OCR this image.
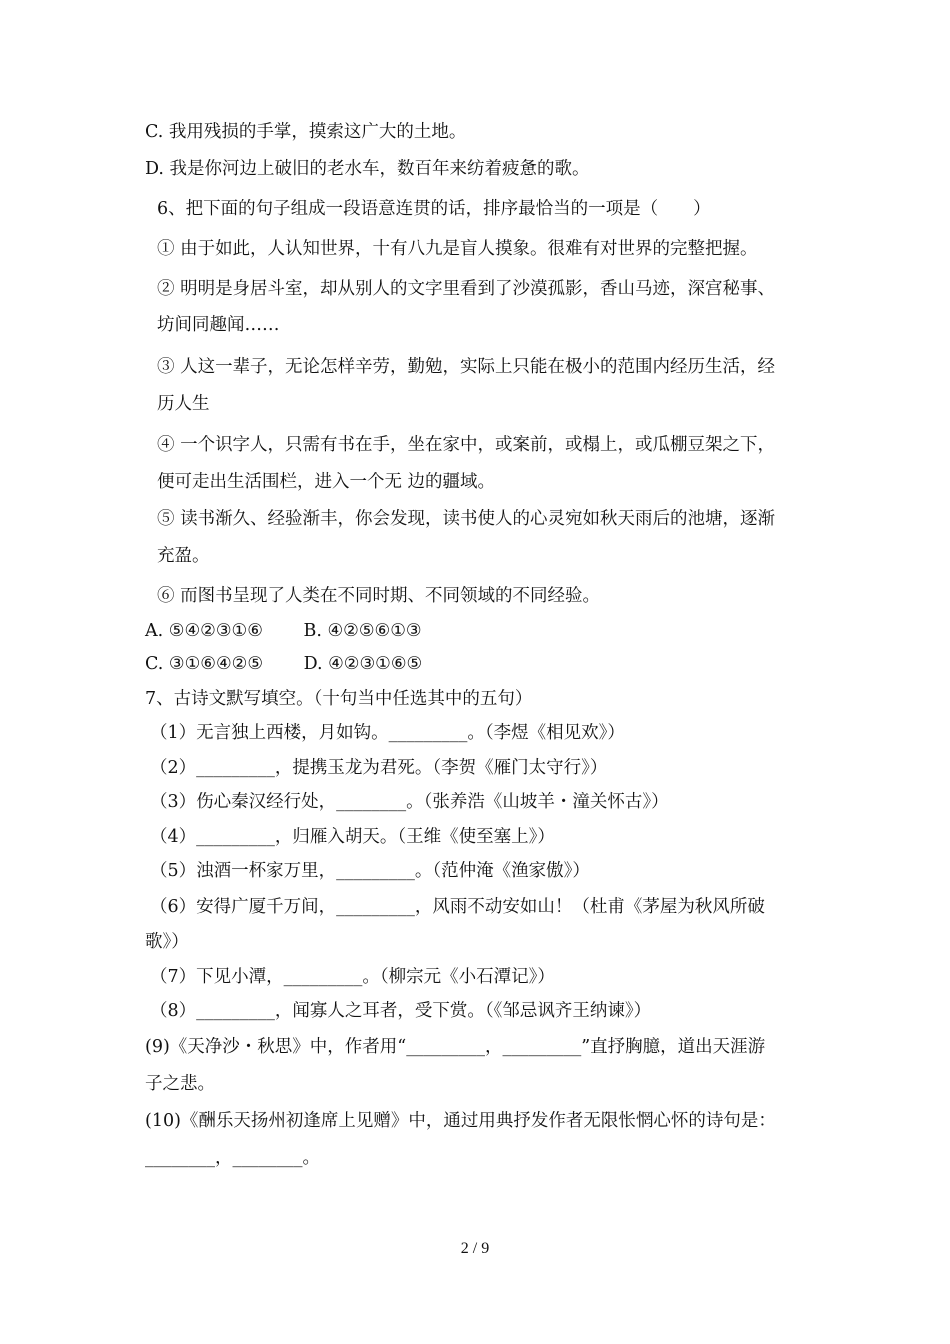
C. 我用残损的手掌，摸索这广大的土地。
D. 我是你河边上破旧的老水车，数百年来纺着疲惫的歌。
6、把下面的句子组成一段语意连贯的话，排序最恰当的一项是（　　）
① 由于如此，人认知世界，十有八九是盲人摸象。很难有对世界的完整把握。
② 明明是身居斗室，却从别人的文字里看到了沙漠孤影，香山马迹，深宫秘事、
坊间同趣闻……
③ 人这一辈子，无论怎样辛劳，勤勉，实际上只能在极小的范围内经历生活，经
历人生
④ 一个识字人，只需有书在手，坐在家中，或案前，或榻上，或瓜棚豆架之下，
便可走出生活围栏，进入一个无 边的疆域。
⑤ 读书渐久、经验渐丰，你会发现，读书使人的心灵宛如秋天雨后的池塘，逐渐
充盈。
⑥ 而图书呈现了人类在不同时期、不同领域的不同经验。
A. ⑤④②③①⑥　　 B. ④②⑤⑥①③
C. ③①⑥④②⑤　　 D. ④②③①⑥⑤
7、古诗文默写填空。（十句当中任选其中的五句）
（1）无言独上西楼，月如钩。_________。（李煜《相见欢》）
（2）_________，提携玉龙为君死。（李贺《雁门太守行》）
（3）伤心秦汉经行处，________。（张养浩《山坡羊・潼关怀古》）
（4）_________，归雁入胡天。（王维《使至塞上》）
（5）浊酒一杯家万里，_________。（范仲淹《渔家傲》）
（6）安得广厦千万间，_________，风雨不动安如山！（杜甫《茅屋为秋风所破
歌》）
（7）下见小潭，_________。（柳宗元《小石潭记》）
（8）_________，闻寡人之耳者，受下赏。（《邹忌讽齐王纳谏》）
(9)《天净沙・秋思》中，作者用“_________，_________”直抒胸臆，道出天涯游
子之悲。
(10)《酬乐天扬州初逢席上见赠》中，通过用典抒发作者无限怅惘心怀的诗句是：
________，________。
2 / 9
